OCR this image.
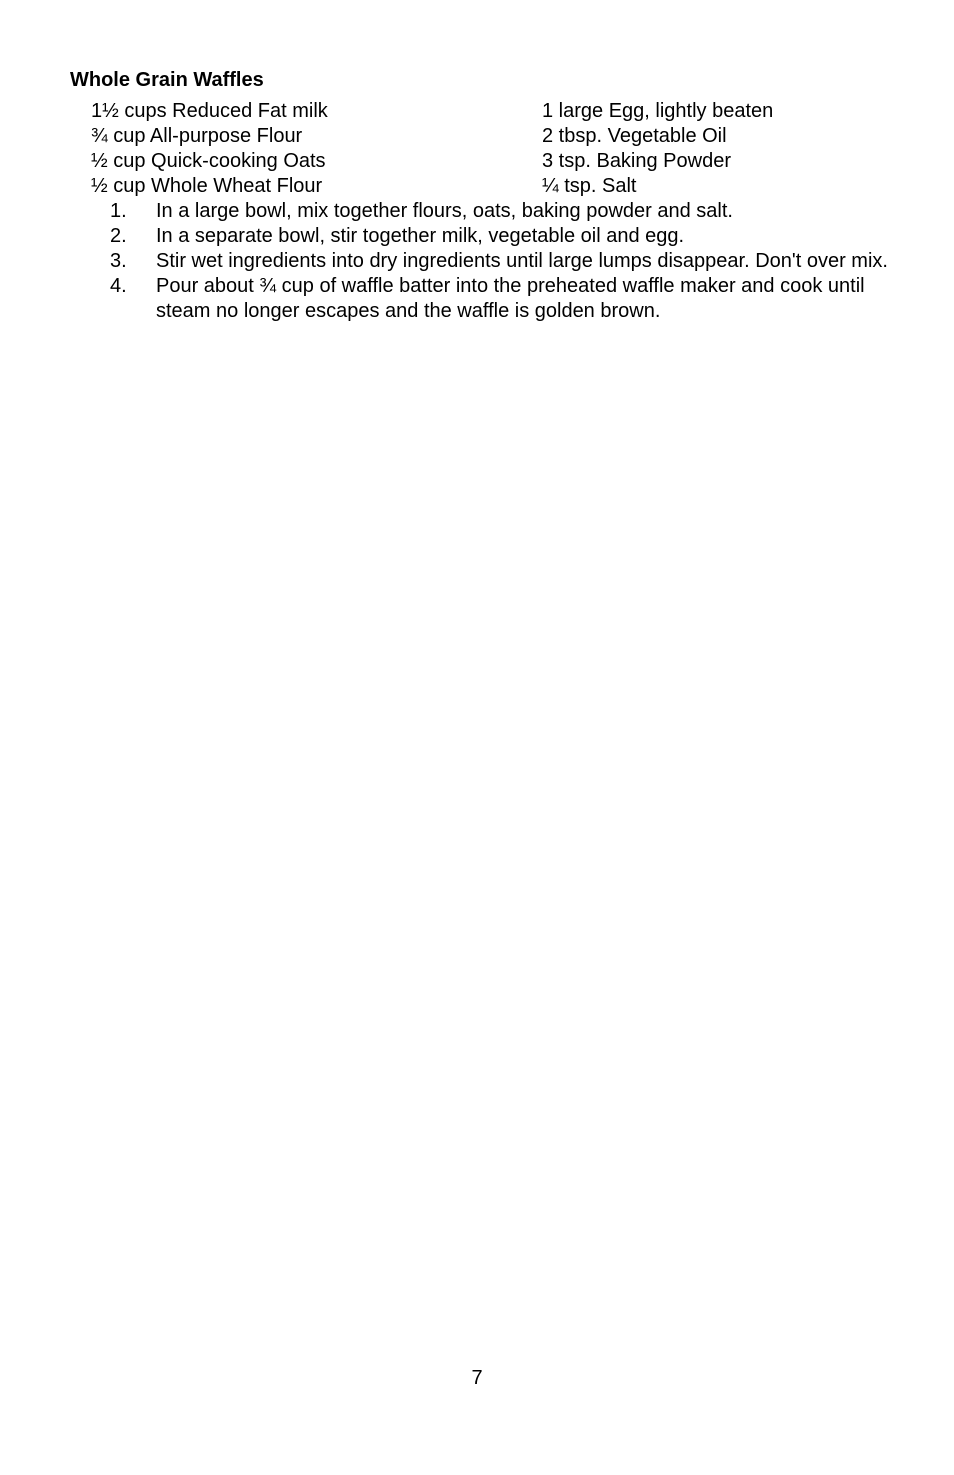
Whole Grain Waffles
1½ cups Reduced Fat milk	1 large Egg, lightly beaten
¾ cup All-purpose Flour	2 tbsp. Vegetable Oil
½ cup Quick-cooking Oats	3 tsp. Baking Powder
½ cup Whole Wheat Flour	¼ tsp. Salt
1. In a large bowl, mix together flours, oats, baking powder and salt.
2. In a separate bowl, stir together milk, vegetable oil and egg.
3. Stir wet ingredients into dry ingredients until large lumps disappear. Don't over mix.
4. Pour about ¾ cup of waffle batter into the preheated waffle maker and cook until steam no longer escapes and the waffle is golden brown.
7
